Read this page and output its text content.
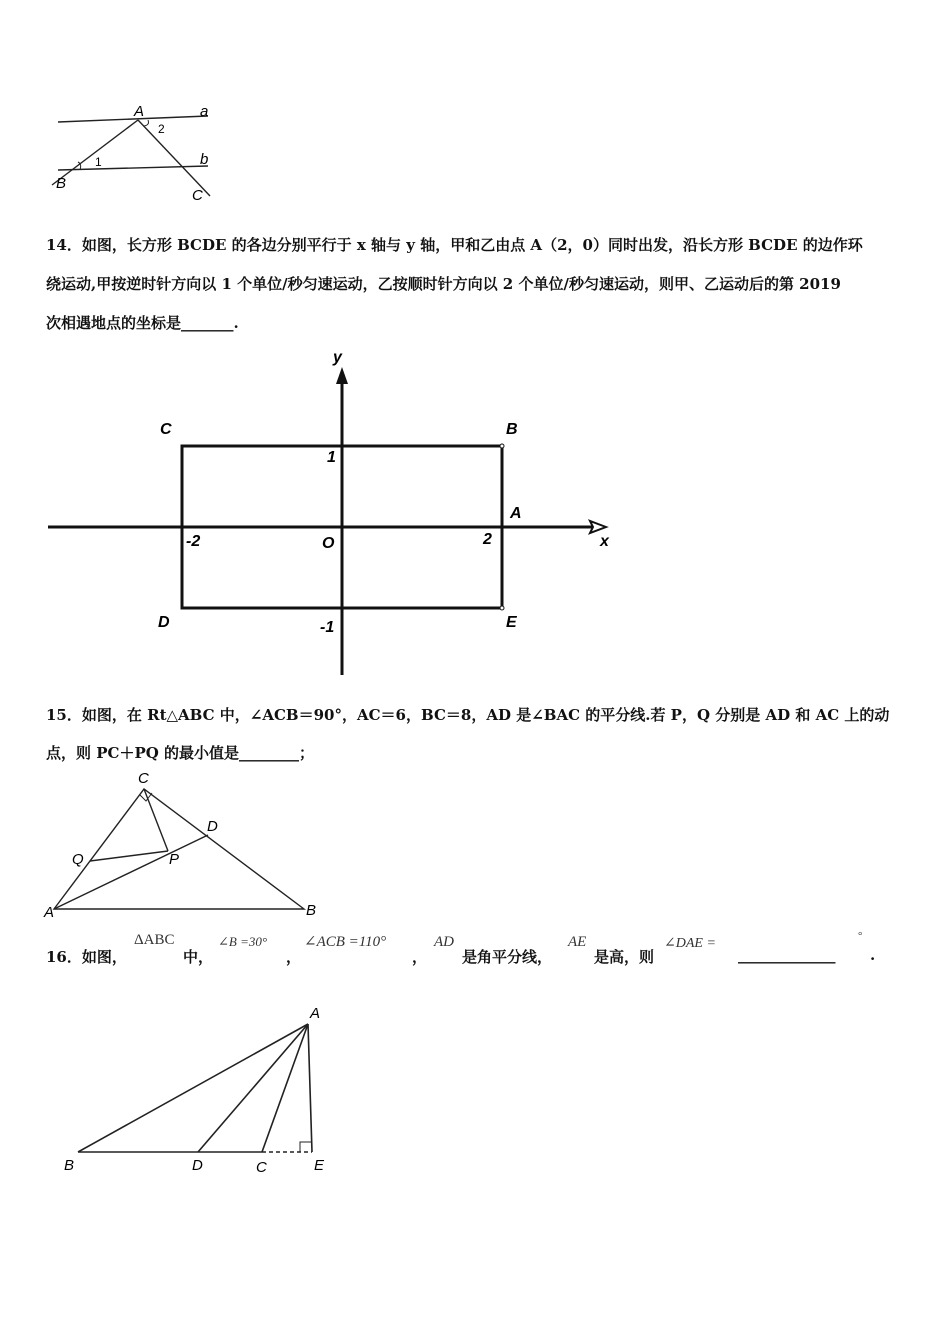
A	a
2
b
1
B
C
14．如图，长方形 BCDE 的各边分别平行于 x 轴与 y 轴，甲和乙由点 A（2，0）同时出发，沿长方形 BCDE 的边作环
绕运动,甲按逆时针方向以 1 个单位/秒匀速运动，乙按顺时针方向以 2 个单位/秒匀速运动，则甲、乙运动后的第 2019
次相遇地点的坐标是_______.
y
x
C	B
D	E
A
O
1
-1
2
-2
15．如图，在 Rt△ABC 中，∠ACB＝90°，AC＝6，BC＝8，AD 是∠BAC 的平分线.若 P，Q 分别是 AD 和 AC 上的动
点，则 PC＋PQ 的最小值是________；
C
D
Q	P
A	B
16．如图，
ΔABC
中，
∠B =30°
，
∠ACB =110°
，
AD
是角平分线，
AE
是高，则
∠DAE =
_____________
°
.
A
B	D	C	E
